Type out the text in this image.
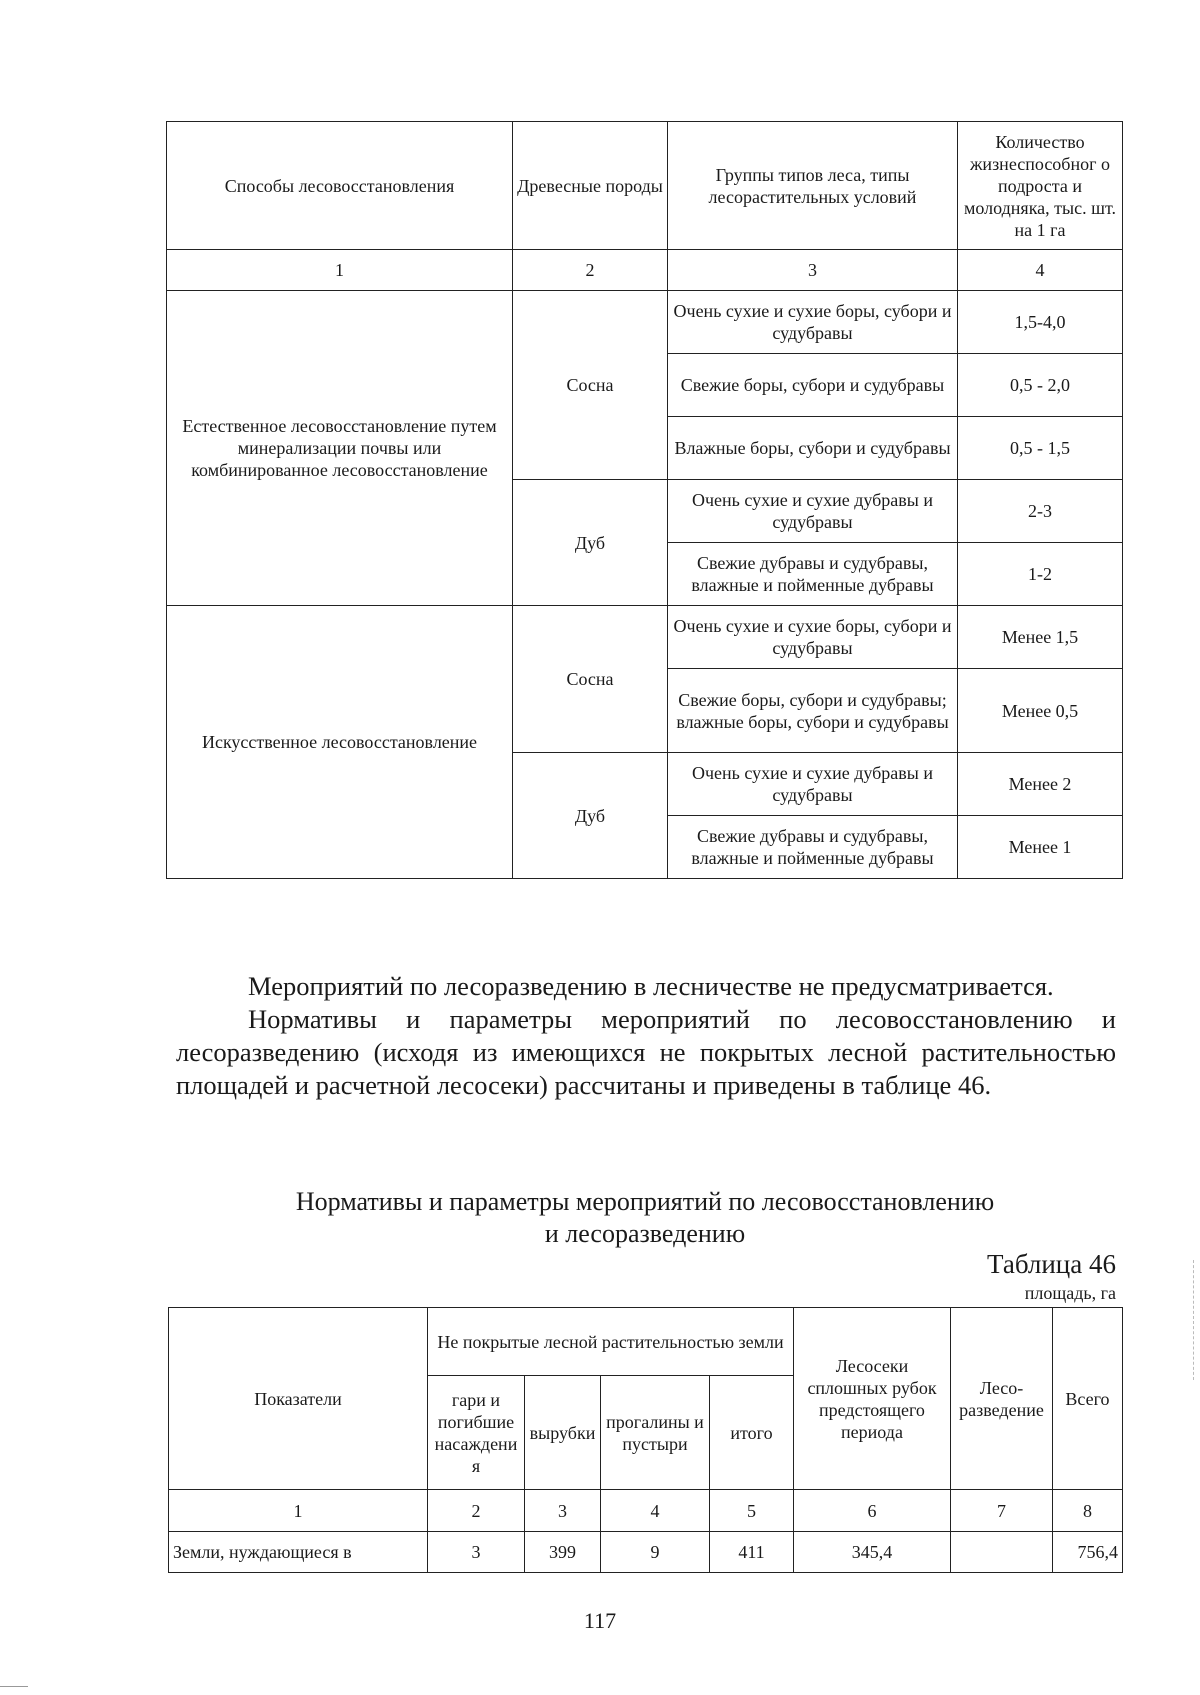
Способы лесовосстановления	Древесные породы	Группы типов леса, типы лесорастительных условий	Количество жизнеспособног о подроста и молодняка, тыс. шт. на 1 га
1	2	3	4
Естественное лесовосстановление путем минерализации почвы или комбинированное лесовосстановление	Сосна	Очень сухие и сухие боры, субори и судубравы	1,5-4,0
		Свежие боры, субори и судубравы	0,5 - 2,0
		Влажные боры, субори и судубравы	0,5 - 1,5
	Дуб	Очень сухие и сухие дубравы и судубравы	2-3
		Свежие дубравы и судубравы, влажные и пойменные дубравы	1-2
Искусственное лесовосстановление	Сосна	Очень сухие и сухие боры, субори и судубравы	Менее 1,5
		Свежие боры, субори и судубравы; влажные боры, субори и судубравы	Менее 0,5
	Дуб	Очень сухие и сухие дубравы и судубравы	Менее 2
		Свежие дубравы и судубравы, влажные и пойменные дубравы	Менее 1
Мероприятий по лесоразведению в лесничестве не предусматривается.
Нормативы и параметры мероприятий по лесовосстановлению и лесоразведению (исходя из имеющихся не покрытых лесной растительностью площадей и расчетной лесосеки) рассчитаны и приведены в таблице 46.
Нормативы и параметры мероприятий по лесовосстановлению
и лесоразведению
Таблица 46
площадь, га
Показатели	Не покрытые лесной растительностью земли				Лесосеки сплошных рубок предстоящего периода	Лесо-разведение	Всего
	гари и погибшие насаждени я	вырубки	прогалины и пустыри	итого			
1	2	3	4	5	6	7	8
Земли, нуждающиеся в	3	399	9	411	345,4		756,4
117
